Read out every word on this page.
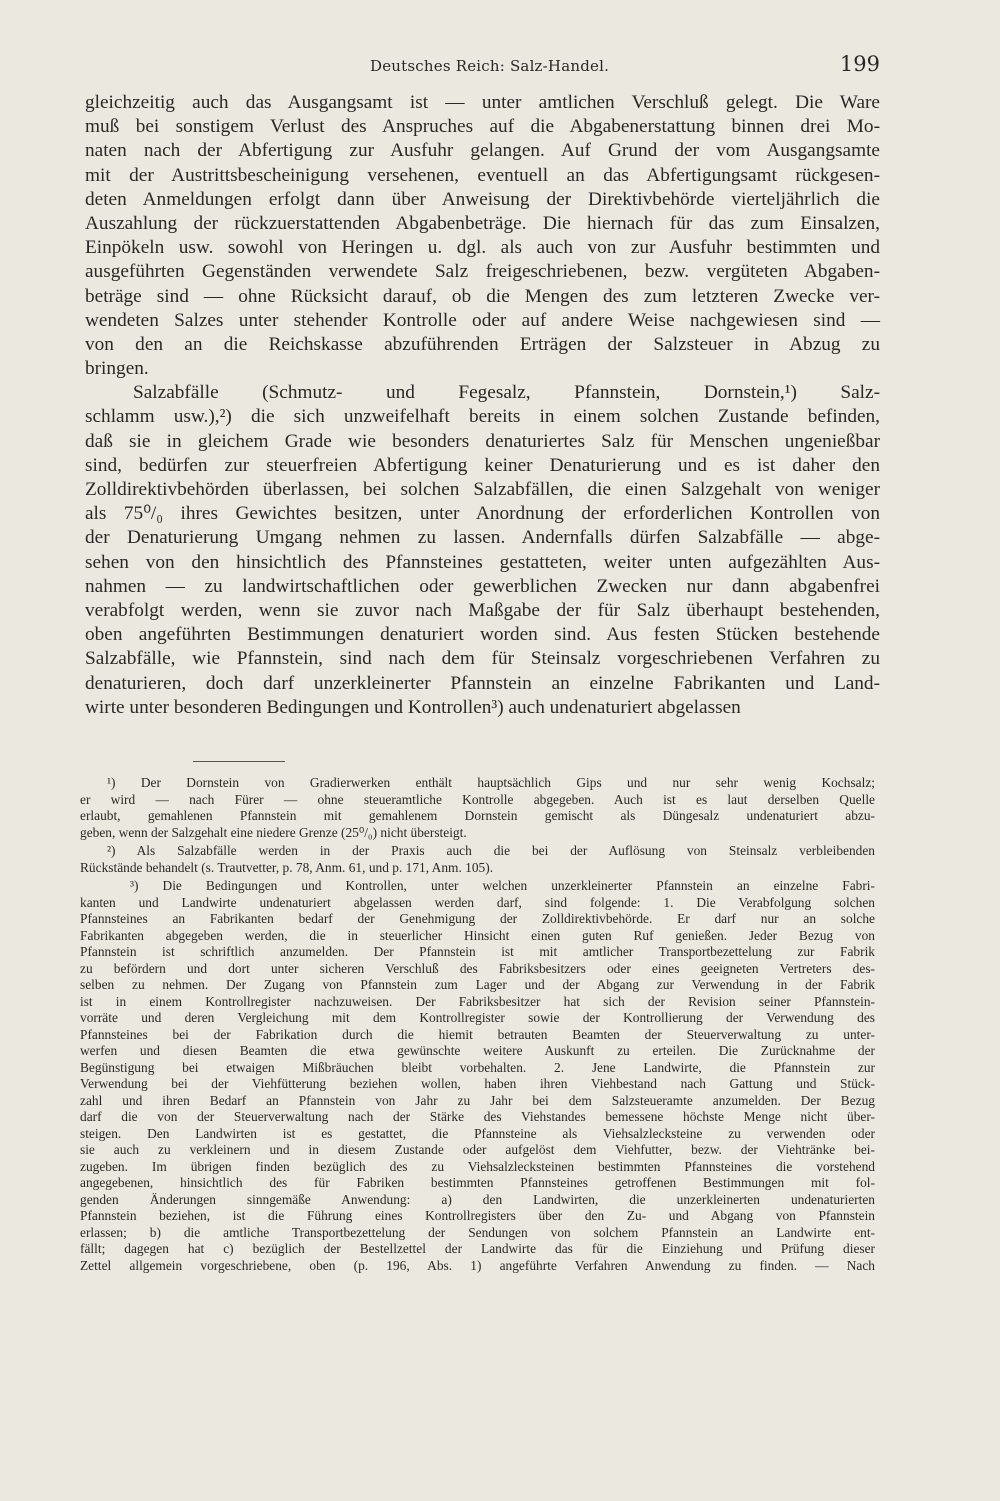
Deutsches Reich: Salz-Handel.	199
gleichzeitig auch das Ausgangsamt ist — unter amtlichen Verschluß gelegt. Die Ware
muß bei sonstigem Verlust des Anspruches auf die Abgabenerstattung binnen drei Mo-
naten nach der Abfertigung zur Ausfuhr gelangen. Auf Grund der vom Ausgangsamte
mit der Austrittsbescheinigung versehenen, eventuell an das Abfertigungsamt rückgesen-
deten Anmeldungen erfolgt dann über Anweisung der Direktivbehörde vierteljährlich die
Auszahlung der rückzuerstattenden Abgabenbeträge. Die hiernach für das zum Einsalzen,
Einpökeln usw. sowohl von Heringen u. dgl. als auch von zur Ausfuhr bestimmten und
ausgeführten Gegenständen verwendete Salz freigeschriebenen, bezw. vergüteten Abgaben-
beträge sind — ohne Rücksicht darauf, ob die Mengen des zum letzteren Zwecke ver-
wendeten Salzes unter stehender Kontrolle oder auf andere Weise nachgewiesen sind —
von den an die Reichskasse abzuführenden Erträgen der Salzsteuer in Abzug zu
bringen.
Salzabfälle (Schmutz- und Fegesalz, Pfannstein, Dornstein,¹) Salz-
schlamm usw.),²) die sich unzweifelhaft bereits in einem solchen Zustande befinden,
daß sie in gleichem Grade wie besonders denaturiertes Salz für Menschen ungenießbar
sind, bedürfen zur steuerfreien Abfertigung keiner Denaturierung und es ist daher den
Zolldirektivbehörden überlassen, bei solchen Salzabfällen, die einen Salzgehalt von weniger
als 75⁰/₀ ihres Gewichtes besitzen, unter Anordnung der erforderlichen Kontrollen von
der Denaturierung Umgang nehmen zu lassen. Andernfalls dürfen Salzabfälle — abge-
sehen von den hinsichtlich des Pfannsteines gestatteten, weiter unten aufgezählten Aus-
nahmen — zu landwirtschaftlichen oder gewerblichen Zwecken nur dann abgabenfrei
verabfolgt werden, wenn sie zuvor nach Maßgabe der für Salz überhaupt bestehenden,
oben angeführten Bestimmungen denaturiert worden sind. Aus festen Stücken bestehende
Salzabfälle, wie Pfannstein, sind nach dem für Steinsalz vorgeschriebenen Verfahren zu
denaturieren, doch darf unzerkleinerter Pfannstein an einzelne Fabrikanten und Land-
wirte unter besonderen Bedingungen und Kontrollen³) auch undenaturiert abgelassen
¹) Der Dornstein von Gradierwerken enthält hauptsächlich Gips und nur sehr wenig Kochsalz;
er wird — nach Fürer — ohne steueramtliche Kontrolle abgegeben. Auch ist es laut derselben Quelle
erlaubt, gemahlenen Pfannstein mit gemahlenem Dornstein gemischt als Düngesalz undenaturiert abzu-
geben, wenn der Salzgehalt eine niedere Grenze (25⁰/₀) nicht übersteigt.
²) Als Salzabfälle werden in der Praxis auch die bei der Auflösung von Steinsalz verbleibenden
Rückstände behandelt (s. Trautvetter, p. 78, Anm. 61, und p. 171, Anm. 105).
³) Die Bedingungen und Kontrollen, unter welchen unzerkleinerter Pfannstein an einzelne Fabri-
kanten und Landwirte undenaturiert abgelassen werden darf, sind folgende: 1. Die Verabfolgung solchen
Pfannsteines an Fabrikanten bedarf der Genehmigung der Zolldirektivbehörde. Er darf nur an solche
Fabrikanten abgegeben werden, die in steuerlicher Hinsicht einen guten Ruf genießen. Jeder Bezug von
Pfannstein ist schriftlich anzumelden. Der Pfannstein ist mit amtlicher Transportbezettelung zur Fabrik
zu befördern und dort unter sicheren Verschluß des Fabriksbesitzers oder eines geeigneten Vertreters des-
selben zu nehmen. Der Zugang von Pfannstein zum Lager und der Abgang zur Verwendung in der Fabrik
ist in einem Kontrollregister nachzuweisen. Der Fabriksbesitzer hat sich der Revision seiner Pfannstein-
vorräte und deren Vergleichung mit dem Kontrollregister sowie der Kontrollierung der Verwendung des
Pfannsteines bei der Fabrikation durch die hiemit betrauten Beamten der Steuerverwaltung zu unter-
werfen und diesen Beamten die etwa gewünschte weitere Auskunft zu erteilen. Die Zurücknahme der
Begünstigung bei etwaigen Mißbräuchen bleibt vorbehalten. 2. Jene Landwirte, die Pfannstein zur
Verwendung bei der Viehfütterung beziehen wollen, haben ihren Viehbestand nach Gattung und Stück-
zahl und ihren Bedarf an Pfannstein von Jahr zu Jahr bei dem Salzsteueramte anzumelden. Der Bezug
darf die von der Steuerverwaltung nach der Stärke des Viehstandes bemessene höchste Menge nicht über-
steigen. Den Landwirten ist es gestattet, die Pfannsteine als Viehsalzlecksteine zu verwenden oder
sie auch zu verkleinern und in diesem Zustande oder aufgelöst dem Viehfutter, bezw. der Viehtränke bei-
zugeben. Im übrigen finden bezüglich des zu Viehsalzlecksteinen bestimmten Pfannsteines die vorstehend
angegebenen, hinsichtlich des für Fabriken bestimmten Pfannsteines getroffenen Bestimmungen mit fol-
genden Änderungen sinngemäße Anwendung: a) den Landwirten, die unzerkleinerten undenaturierten
Pfannstein beziehen, ist die Führung eines Kontrollregisters über den Zu- und Abgang von Pfannstein
erlassen; b) die amtliche Transportbezettelung der Sendungen von solchem Pfannstein an Landwirte ent-
fällt; dagegen hat c) bezüglich der Bestellzettel der Landwirte das für die Einziehung und Prüfung dieser
Zettel allgemein vorgeschriebene, oben (p. 196, Abs. 1) angeführte Verfahren Anwendung zu finden. — Nach
